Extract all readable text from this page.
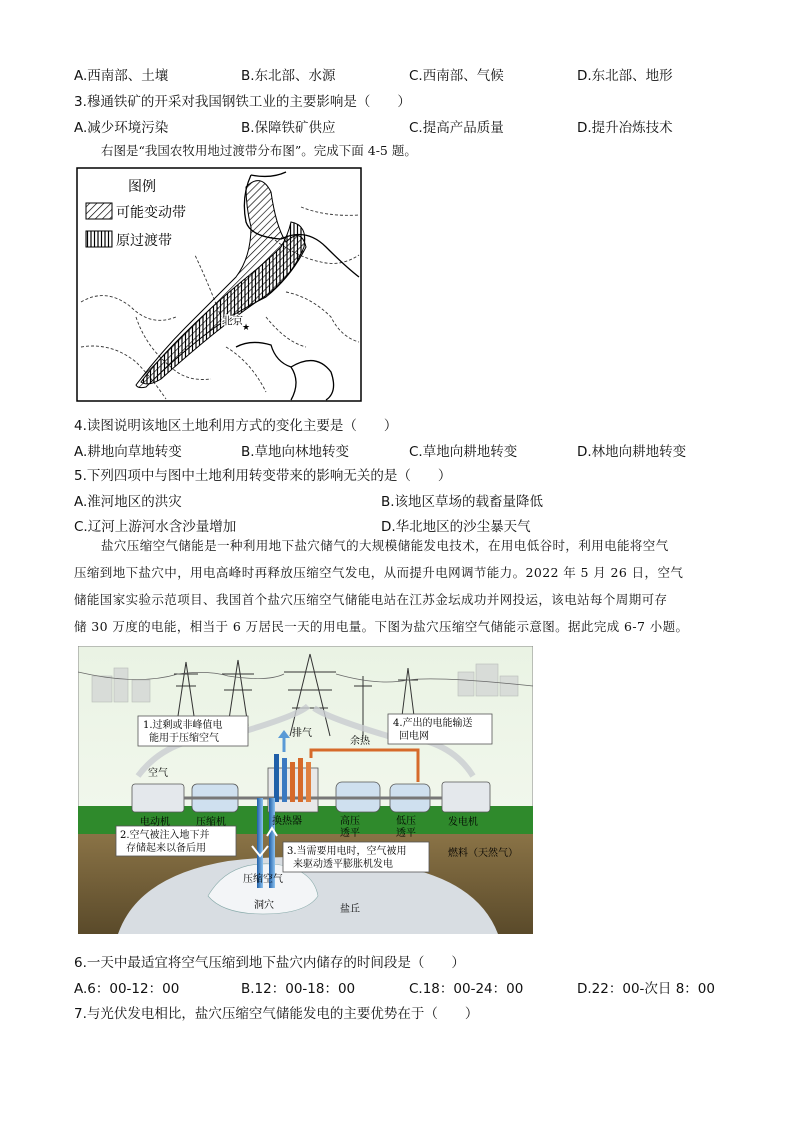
A.西南部、土壤	B.东北部、水源	C.西南部、气候	D.东北部、地形
3.穆通铁矿的开采对我国钢铁工业的主要影响是（　　）
A.减少环境污染	B.保障铁矿供应	C.提高产品质量	D.提升冶炼技术
右图是“我国农牧用地过渡带分布图”。完成下面 4-5 题。
★
图例
可能变动带
原过渡带
北京
4.读图说明该地区土地利用方式的变化主要是（　　）
A.耕地向草地转变	B.草地向林地转变	C.草地向耕地转变	D.林地向耕地转变
5.下列四项中与图中土地利用转变带来的影响无关的是（　　）
A.淮河地区的洪灾	B.该地区草场的载畜量降低
C.辽河上游河水含沙量增加	D.华北地区的沙尘暴天气
盐穴压缩空气储能是一种利用地下盐穴储气的大规模储能发电技术，在用电低谷时，利用电能将空气
压缩到地下盐穴中，用电高峰时再释放压缩空气发电，从而提升电网调节能力。2022 年 5 月 26 日，空气
储能国家实验示范项目、我国首个盐穴压缩空气储能电站在江苏金坛成功并网投运，该电站每个周期可存
储 30 万度的电能，相当于 6 万居民一天的用电量。下图为盐穴压缩空气储能示意图。据此完成 6-7 小题。
1.过剩或非峰值电
能用于压缩空气
4.产出的电能输送
回电网
2.空气被注入地下并
存储起来以备后用	3.当需要用电时，空气被用
来驱动透平膨胀机发电
空气
排气
余热
电动机	压缩机	换热器	高压
透平
低压
透平
发电机
燃料（天然气）
压缩空气
洞穴	盐丘
6.一天中最适宜将空气压缩到地下盐穴内储存的时间段是（　　）
A.6：00-12：00	B.12：00-18：00	C.18：00-24：00	D.22：00-次日 8：00
7.与光伏发电相比，盐穴压缩空气储能发电的主要优势在于（　　）
